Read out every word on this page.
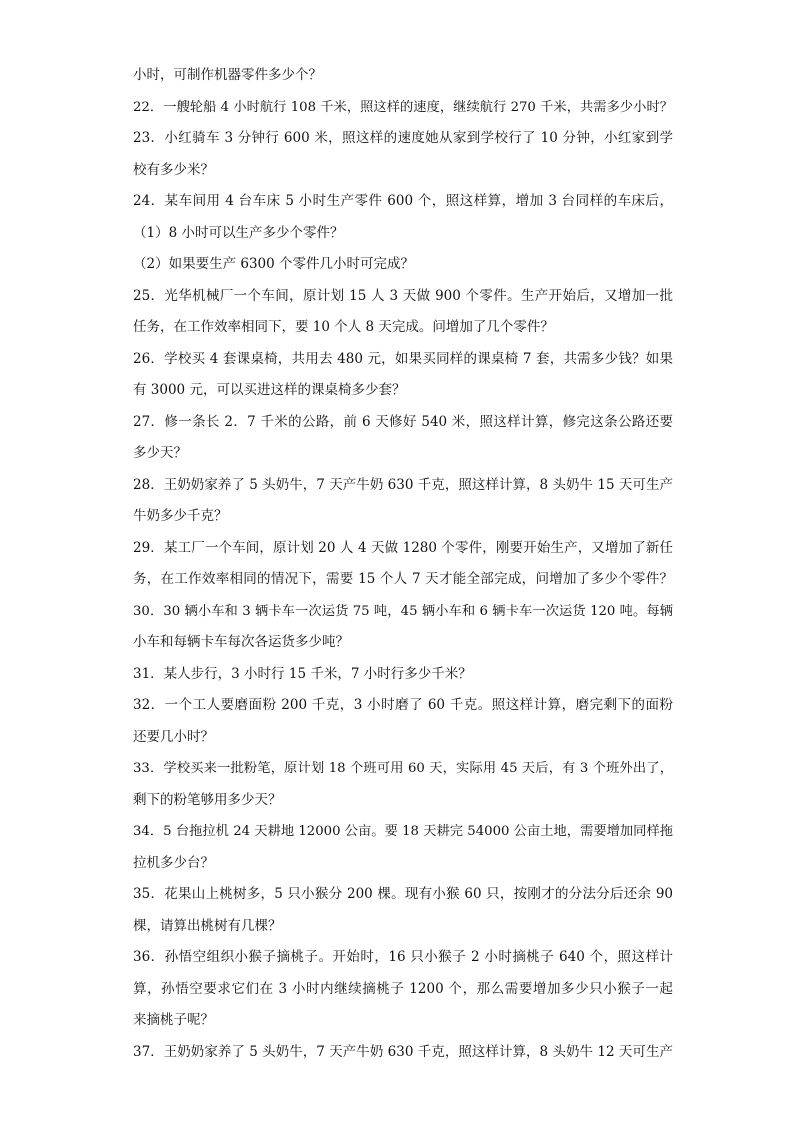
小时，可制作机器零件多少个？
22．一艘轮船 4 小时航行 108 千米，照这样的速度，继续航行 270 千米，共需多少小时？
23．小红骑车 3 分钟行 600 米，照这样的速度她从家到学校行了 10 分钟，小红家到学
校有多少米？
24．某车间用 4 台车床 5 小时生产零件 600 个，照这样算，增加 3 台同样的车床后，
（1）8 小时可以生产多少个零件？
（2）如果要生产 6300 个零件几小时可完成？
25．光华机械厂一个车间，原计划 15 人 3 天做 900 个零件。生产开始后，又增加一批
任务，在工作效率相同下，要 10 个人 8 天完成。问增加了几个零件？
26．学校买 4 套课桌椅，共用去 480 元，如果买同样的课桌椅 7 套，共需多少钱？如果
有 3000 元，可以买进这样的课桌椅多少套？
27．修一条长 2．7 千米的公路，前 6 天修好 540 米，照这样计算，修完这条公路还要
多少天？
28．王奶奶家养了 5 头奶牛，7 天产牛奶 630 千克，照这样计算，8 头奶牛 15 天可生产
牛奶多少千克？
29．某工厂一个车间，原计划 20 人 4 天做 1280 个零件，刚要开始生产，又增加了新任
务，在工作效率相同的情况下，需要 15 个人 7 天才能全部完成，问增加了多少个零件？
30．30 辆小车和 3 辆卡车一次运货 75 吨，45 辆小车和 6 辆卡车一次运货 120 吨。每辆
小车和每辆卡车每次各运货多少吨？
31．某人步行，3 小时行 15 千米，7 小时行多少千米？
32．一个工人要磨面粉 200 千克，3 小时磨了 60 千克。照这样计算，磨完剩下的面粉
还要几小时？
33．学校买来一批粉笔，原计划 18 个班可用 60 天，实际用 45 天后，有 3 个班外出了，
剩下的粉笔够用多少天？
34．5 台拖拉机 24 天耕地 12000 公亩。要 18 天耕完 54000 公亩土地，需要增加同样拖
拉机多少台？
35．花果山上桃树多，5 只小猴分 200 棵。现有小猴 60 只，按刚才的分法分后还余 90
棵，请算出桃树有几棵？
36．孙悟空组织小猴子摘桃子。开始时，16 只小猴子 2 小时摘桃子 640 个，照这样计
算，孙悟空要求它们在 3 小时内继续摘桃子 1200 个，那么需要增加多少只小猴子一起
来摘桃子呢？
37．王奶奶家养了 5 头奶牛，7 天产牛奶 630 千克，照这样计算，8 头奶牛 12 天可生产
